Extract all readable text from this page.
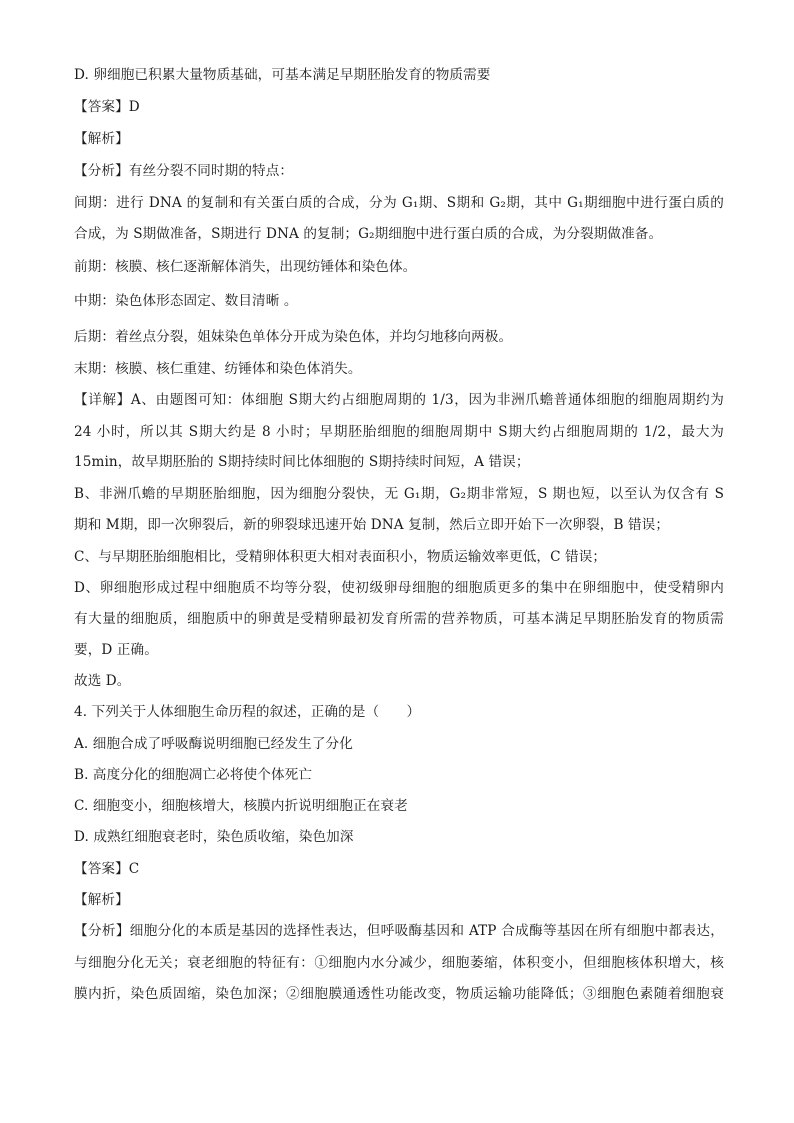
D. 卵细胞已积累大量物质基础，可基本满足早期胚胎发育的物质需要
【答案】D
【解析】
【分析】有丝分裂不同时期的特点：
间期：进行 DNA 的复制和有关蛋白质的合成，分为 G₁期、S期和 G₂期，其中 G₁期细胞中进行蛋白质的
合成，为 S期做准备，S期进行 DNA 的复制；G₂期细胞中进行蛋白质的合成，为分裂期做准备。
前期：核膜、核仁逐渐解体消失，出现纺锤体和染色体。
中期：染色体形态固定、数目清晰 。
后期：着丝点分裂，姐妹染色单体分开成为染色体，并均匀地移向两极。
末期：核膜、核仁重建、纺锤体和染色体消失。
【详解】A、由题图可知：体细胞 S期大约占细胞周期的 1/3，因为非洲爪蟾普通体细胞的细胞周期约为
24 小时，所以其 S期大约是 8 小时；早期胚胎细胞的细胞周期中 S期大约占细胞周期的 1/2，最大为
15min，故早期胚胎的 S期持续时间比体细胞的 S期持续时间短，A 错误；
B、非洲爪蟾的早期胚胎细胞，因为细胞分裂快，无 G₁期，G₂期非常短，S 期也短，以至认为仅含有 S
期和 M期，即一次卵裂后，新的卵裂球迅速开始 DNA 复制，然后立即开始下一次卵裂，B 错误；
C、与早期胚胎细胞相比，受精卵体积更大相对表面积小，物质运输效率更低，C 错误；
D、卵细胞形成过程中细胞质不均等分裂，使初级卵母细胞的细胞质更多的集中在卵细胞中，使受精卵内
有大量的细胞质，细胞质中的卵黄是受精卵最初发育所需的营养物质，可基本满足早期胚胎发育的物质需
要，D 正确。
故选 D。
4. 下列关于人体细胞生命历程的叙述，正确的是（　　）
A. 细胞合成了呼吸酶说明细胞已经发生了分化
B. 高度分化的细胞凋亡必将使个体死亡
C. 细胞变小，细胞核增大，核膜内折说明细胞正在衰老
D. 成熟红细胞衰老时，染色质收缩，染色加深
【答案】C
【解析】
【分析】细胞分化的本质是基因的选择性表达，但呼吸酶基因和 ATP 合成酶等基因在所有细胞中都表达，
与细胞分化无关；衰老细胞的特征有：①细胞内水分减少，细胞萎缩，体积变小，但细胞核体积增大，核
膜内折，染色质固缩，染色加深；②细胞膜通透性功能改变，物质运输功能降低；③细胞色素随着细胞衰
